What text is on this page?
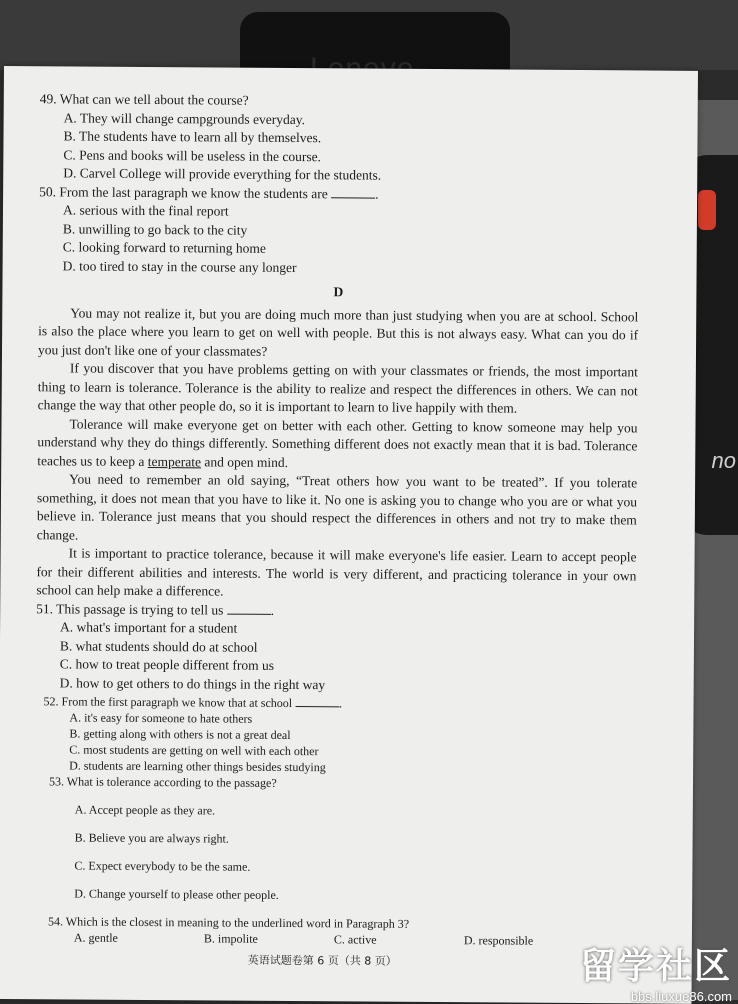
no

49. What can we tell about the course?

A. They will change campgrounds everyday.

B. The students have to learn all by themselves.

C. Pens and books will be useless in the course.

D. Carvel College will provide everything for the students.

50. From the last paragraph we know the students are	.

A. serious with the final report

B. unwilling to go back to the city

C. looking forward to returning home

D. too tired to stay in the course any longer

D

You may not realize it, but you are doing much more than just studying when you are at school. School is also the place where you learn to get on well with people. But this is not always easy. What can you do if you just don't like one of your classmates?

If you discover that you have problems getting on with your classmates or friends, the most important thing to learn is tolerance. Tolerance is the ability to realize and respect the differences in others. We can not change the way that other people do, so it is important to learn to live happily with them.

Tolerance will make everyone get on better with each other. Getting to know someone may help you understand why they do things differently. Something different does not exactly mean that it is bad. Tolerance teaches us to keep a temperate and open mind.

You need to remember an old saying, “Treat others how you want to be treated”. If you tolerate something, it does not mean that you have to like it. No one is asking you to change who you are or what you believe in. Tolerance just means that you should respect the differences in others and not try to make them change.

It is important to practice tolerance, because it will make everyone's life easier. Learn to accept people for their different abilities and interests. The world is very different, and practicing tolerance in your own school can help make a difference.

51. This passage is trying to tell us	.

A. what's important for a student

B. what students should do at school

C. how to treat people different from us

D. how to get others to do things in the right way

52. From the first paragraph we know that at school	.

A. it's easy for someone to hate others

B. getting along with others is not a great deal

C. most students are getting on well with each other

D. students are learning other things besides studying

53. What is tolerance according to the passage?

A. Accept people as they are.

B. Believe you are always right.

C. Expect everybody to be the same.

D. Change yourself to please other people.

54. Which is the closest in meaning to the underlined word in Paragraph 3?

A. gentle	B. impolite	C. active	D. responsible
英语试题卷第 6 页（共 8 页）	留学社区
bbs.liuxue86.com
